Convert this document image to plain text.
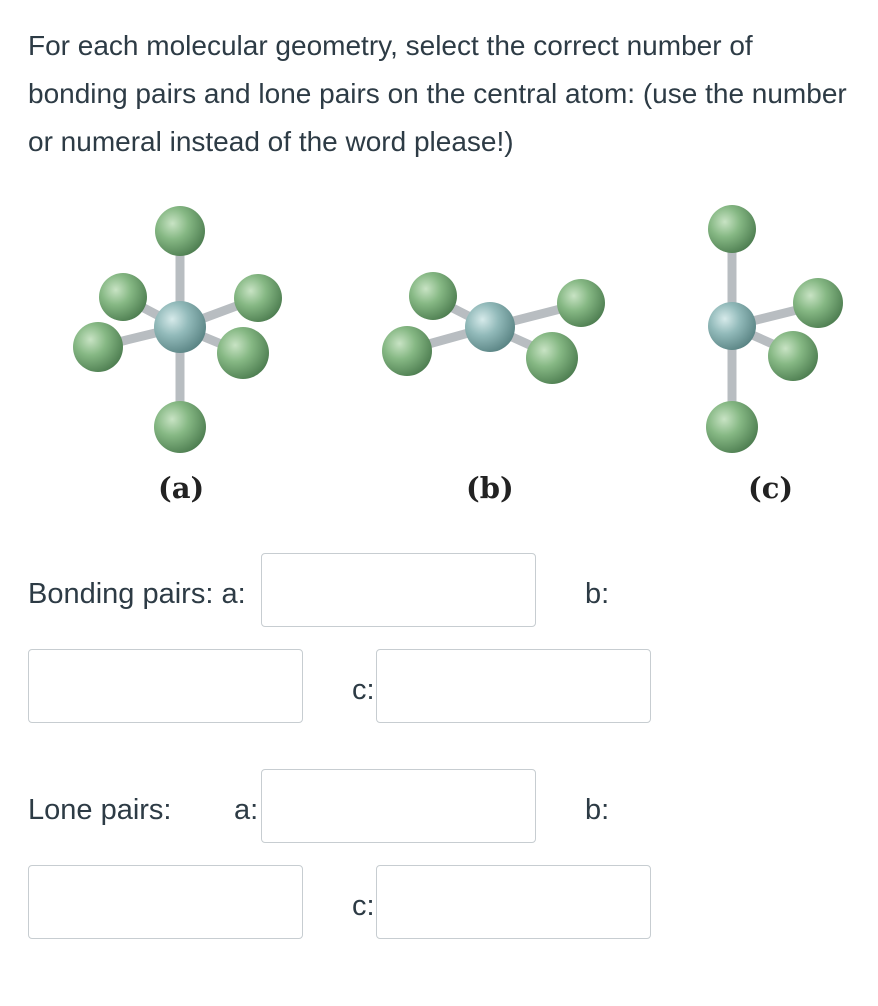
For each molecular geometry, select the correct number of bonding pairs and lone pairs on the central atom: (use the number or numeral instead of the word please!)

(a)	(b)	(c)
Bonding pairs: a:	b:
c:
Lone pairs: a:	b:
c:
